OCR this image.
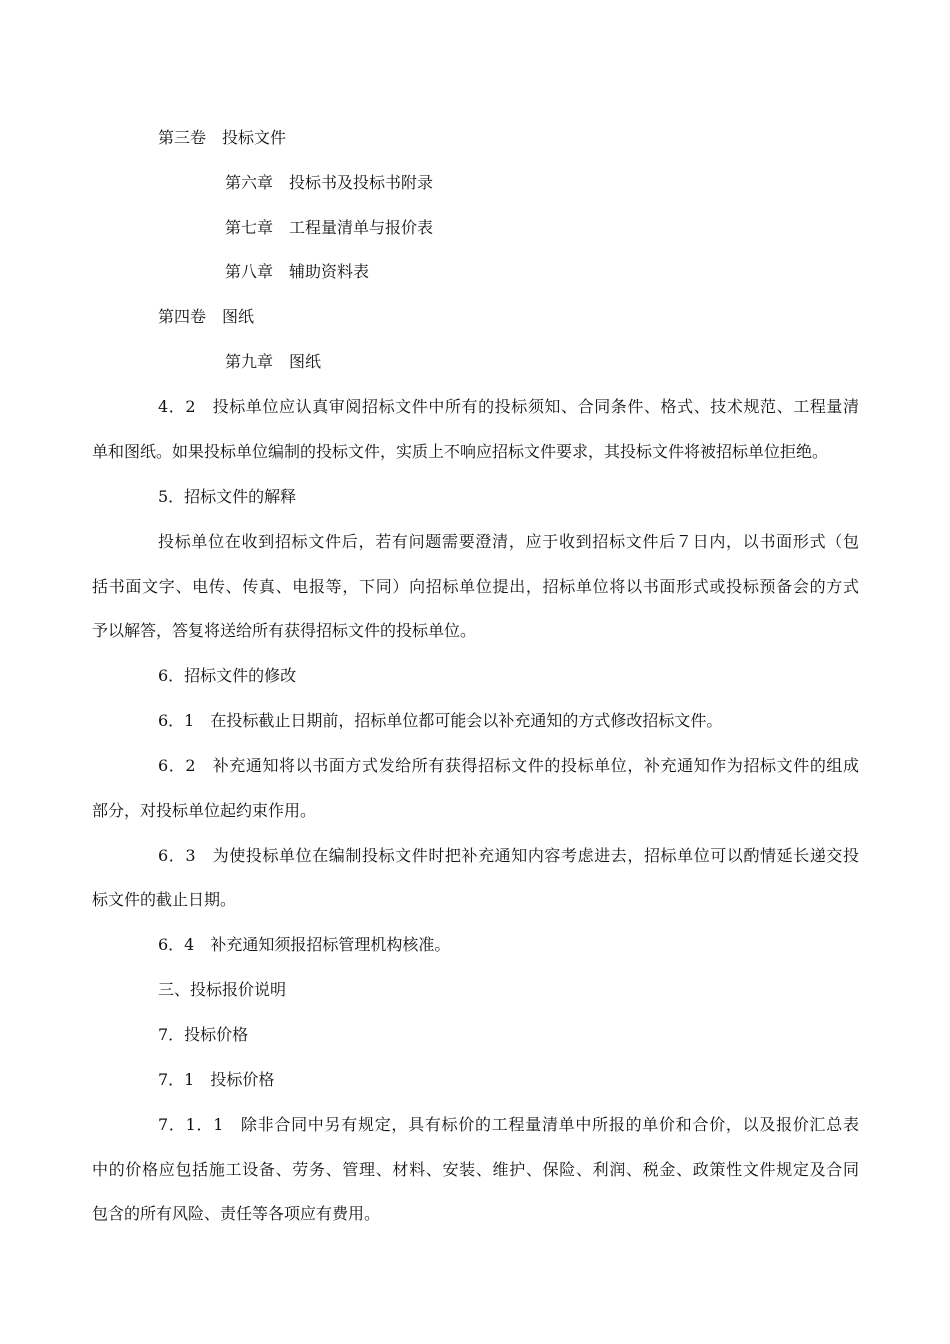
第三卷　投标文件
第六章　投标书及投标书附录
第七章　工程量清单与报价表
第八章　辅助资料表
第四卷　图纸
第九章　图纸
4．2　投标单位应认真审阅招标文件中所有的投标须知、合同条件、格式、技术规范、工程量清
单和图纸。如果投标单位编制的投标文件，实质上不响应招标文件要求，其投标文件将被招标单位拒绝。
5．招标文件的解释
投标单位在收到招标文件后，若有问题需要澄清，应于收到招标文件后７日内，以书面形式（包
括书面文字、电传、传真、电报等，下同）向招标单位提出，招标单位将以书面形式或投标预备会的方式
予以解答，答复将送给所有获得招标文件的投标单位。
6．招标文件的修改
6．1　在投标截止日期前，招标单位都可能会以补充通知的方式修改招标文件。
6．2　补充通知将以书面方式发给所有获得招标文件的投标单位，补充通知作为招标文件的组成
部分，对投标单位起约束作用。
6．3　为使投标单位在编制投标文件时把补充通知内容考虑进去，招标单位可以酌情延长递交投
标文件的截止日期。
6．4　补充通知须报招标管理机构核准。
三、投标报价说明
7．投标价格
7．1　投标价格
7．1．1　除非合同中另有规定，具有标价的工程量清单中所报的单价和合价，以及报价汇总表
中的价格应包括施工设备、劳务、管理、材料、安装、维护、保险、利润、税金、政策性文件规定及合同
包含的所有风险、责任等各项应有费用。
